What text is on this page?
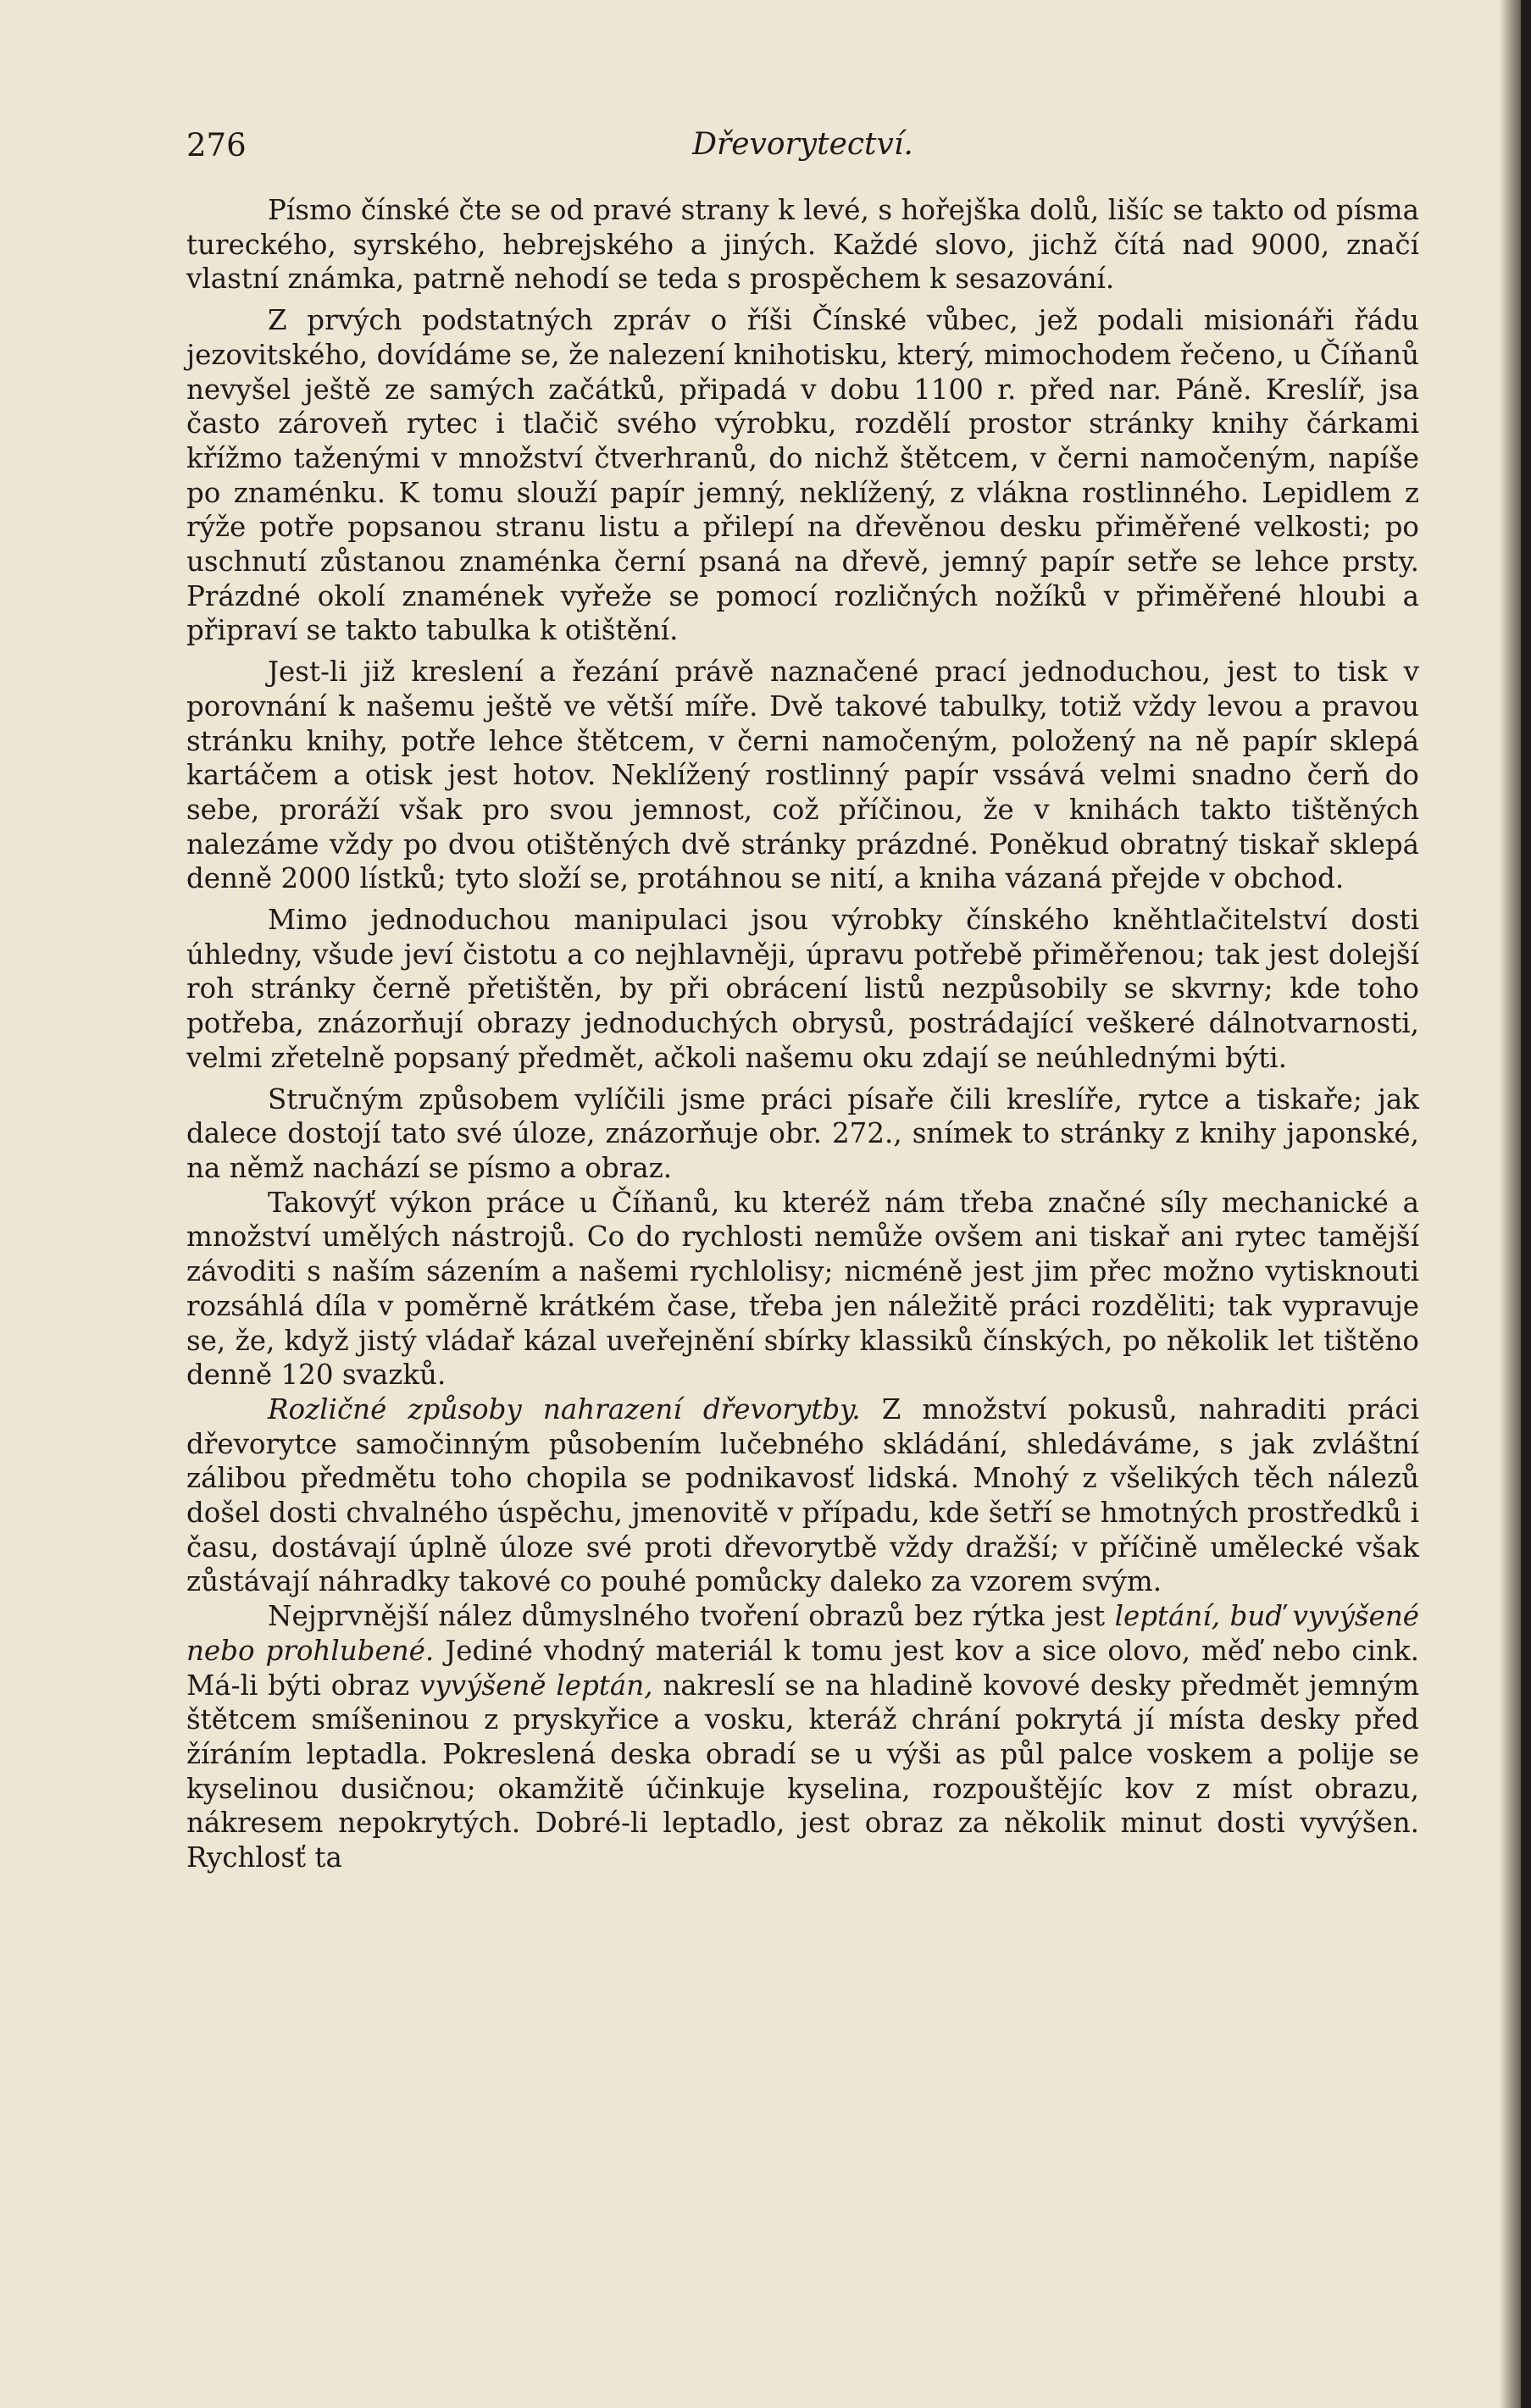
276	Dřevorytectví.

Písmo čínské čte se od pravé strany k levé, s hořejška dolů, lišíc se takto od písma tureckého, syrského, hebrejského a jiných. Každé slovo, jichž čítá nad 9000, značí vlastní známka, patrně nehodí se teda s prospěchem k sesazování.

Z prvých podstatných zpráv o říši Čínské vůbec, jež podali misionáři řádu jezovitského, dovídáme se, že nalezení knihotisku, který, mimochodem řečeno, u Číňanů nevyšel ještě ze samých začátků, připadá v dobu 1100 r. před nar. Páně. Kreslíř, jsa často zároveň rytec i tlačič svého výrobku, rozdělí prostor stránky knihy čárkami křížmo taženými v množství čtverhranů, do nichž štětcem, v černi namočeným, napíše po znaménku. K tomu slouží papír jemný, neklížený, z vlákna rostlinného. Lepidlem z rýže potře popsanou stranu listu a přilepí na dřevěnou desku přiměřené velkosti; po uschnutí zůstanou znaménka černí psaná na dřevě, jemný papír setře se lehce prsty. Prázdné okolí znamének vyřeže se pomocí rozličných nožíků v přiměřené hloubi a připraví se takto tabulka k otištění.

Jest-li již kreslení a řezání právě naznačené prací jednoduchou, jest to tisk v porovnání k našemu ještě ve větší míře. Dvě takové tabulky, totiž vždy levou a pravou stránku knihy, potře lehce štětcem, v černi namočeným, položený na ně papír sklepá kartáčem a otisk jest hotov. Neklížený rostlinný papír vssává velmi snadno čerň do sebe, proráží však pro svou jemnost, což příčinou, že v knihách takto tištěných nalezáme vždy po dvou otištěných dvě stránky prázdné. Poněkud obratný tiskař sklepá denně 2000 lístků; tyto složí se, protáhnou se nití, a kniha vázaná přejde v obchod.

Mimo jednoduchou manipulaci jsou výrobky čínského kněhtlačitelství dosti úhledny, všude jeví čistotu a co nejhlavněji, úpravu potřebě přiměřenou; tak jest dolejší roh stránky černě přetištěn, by při obrácení listů nezpůsobily se skvrny; kde toho potřeba, znázorňují obrazy jednoduchých obrysů, postrádající veškeré dálnotvarnosti, velmi zřetelně popsaný předmět, ačkoli našemu oku zdají se neúhlednými býti.

Stručným způsobem vylíčili jsme práci písaře čili kreslíře, rytce a tiskaře; jak dalece dostojí tato své úloze, znázorňuje obr. 272., snímek to stránky z knihy japonské, na němž nachází se písmo a obraz.

Takovýť výkon práce u Číňanů, ku kteréž nám třeba značné síly mechanické a množství umělých nástrojů. Co do rychlosti nemůže ovšem ani tiskař ani rytec tamější závoditi s naším sázením a našemi rychlolisy; nicméně jest jim přec možno vytisknouti rozsáhlá díla v poměrně krátkém čase, třeba jen náležitě práci rozděliti; tak vypravuje se, že, když jistý vládař kázal uveřejnění sbírky klassiků čínských, po několik let tištěno denně 120 svazků.

Rozličné způsoby nahrazení dřevorytby. Z množství pokusů, nahraditi práci dřevorytce samočinným působením lučebného skládání, shledáváme, s jak zvláštní zálibou předmětu toho chopila se podnikavosť lidská. Mnohý z všelikých těch nálezů došel dosti chvalného úspěchu, jmenovitě v případu, kde šetří se hmotných prostředků i času, dostávají úplně úloze své proti dřevorytbě vždy dražší; v příčině umělecké však zůstávají náhradky takové co pouhé pomůcky daleko za vzorem svým.

Nejprvnější nález důmyslného tvoření obrazů bez rýtka jest leptání, buď vyvýšené nebo prohlubené. Jediné vhodný materiál k tomu jest kov a sice olovo, měď nebo cink. Má-li býti obraz vyvýšeně leptán, nakreslí se na hladině kovové desky předmět jemným štětcem smíšeninou z pryskyřice a vosku, kteráž chrání pokrytá jí místa desky před žíráním leptadla. Pokreslená deska obradí se u výši as půl palce voskem a polije se kyselinou dusičnou; okamžitě účinkuje kyselina, rozpouštějíc kov z míst obrazu, nákresem nepokrytých. Dobré-li leptadlo, jest obraz za několik minut dosti vyvýšen. Rychlosť ta
